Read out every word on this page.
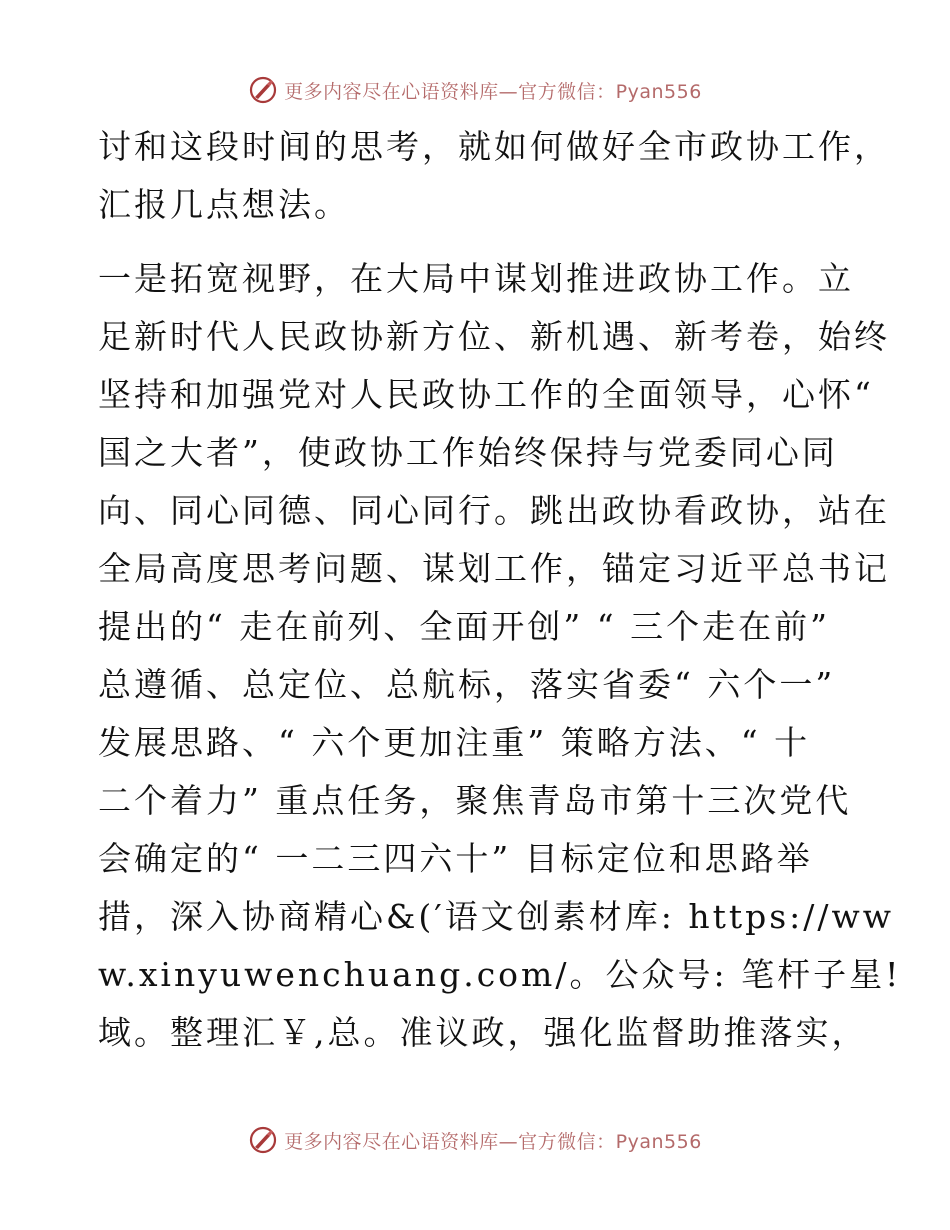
更多内容尽在心语资料库—官方微信：Pyan556
讨和这段时间的思考，就如何做好全市政协工作，
汇报几点想法。
一是拓宽视野，在大局中谋划推进政协工作。立
足新时代人民政协新方位、新机遇、新考卷，始终
坚持和加强党对人民政协工作的全面领导，心怀“
国之大者”，使政协工作始终保持与党委同心同
向、同心同德、同心同行。跳出政协看政协，站在
全局高度思考问题、谋划工作，锚定习近平总书记
提出的“ 走在前列、全面开创” “ 三个走在前”
总遵循、总定位、总航标，落实省委“ 六个一”
发展思路、“ 六个更加注重” 策略方法、“ 十
二个着力” 重点任务，聚焦青岛市第十三次党代
会确定的“ 一二三四六十” 目标定位和思路举
措，深入协商精心&(′语文创素材库: https://ww
w.xinyuwenchuang.com/。公众号: 笔杆子星!
域。整理汇￥,总。准议政，强化监督助推落实，
更多内容尽在心语资料库—官方微信：Pyan556
